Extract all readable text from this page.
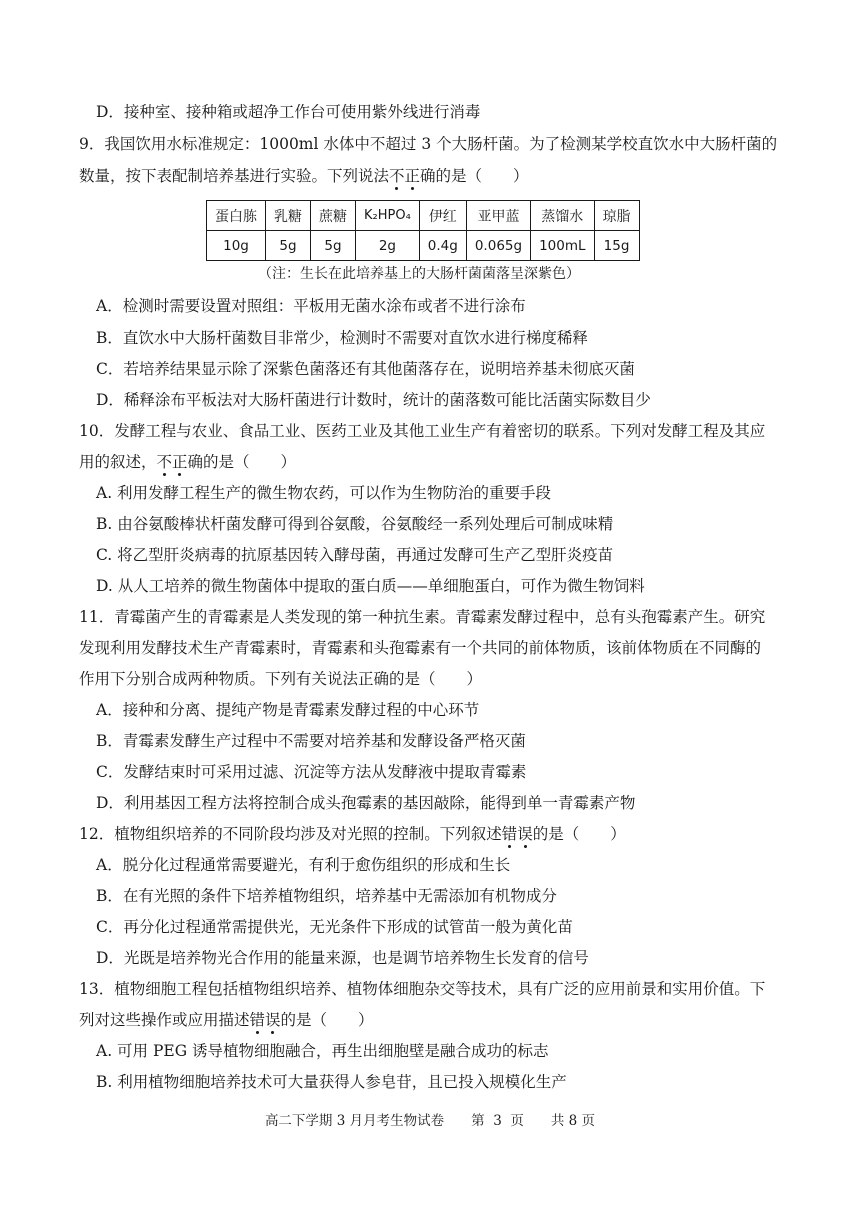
D．接种室、接种箱或超净工作台可使用紫外线进行消毒
9．我国饮用水标准规定：1000ml 水体中不超过 3 个大肠杆菌。为了检测某学校直饮水中大肠杆菌的
数量，按下表配制培养基进行实验。下列说法不正确的是（　　）
蛋白胨	乳糖	蔗糖	K₂HPO₄	伊红	亚甲蓝	蒸馏水	琼脂
10g	5g	5g	2g	0.4g	0.065g	100mL	15g
（注：生长在此培养基上的大肠杆菌菌落呈深紫色）
A．检测时需要设置对照组：平板用无菌水涂布或者不进行涂布
B．直饮水中大肠杆菌数目非常少，检测时不需要对直饮水进行梯度稀释
C．若培养结果显示除了深紫色菌落还有其他菌落存在，说明培养基未彻底灭菌
D．稀释涂布平板法对大肠杆菌进行计数时，统计的菌落数可能比活菌实际数目少
10．发酵工程与农业、食品工业、医药工业及其他工业生产有着密切的联系。下列对发酵工程及其应
用的叙述，不正确的是（　　）
A. 利用发酵工程生产的微生物农药，可以作为生物防治的重要手段
B. 由谷氨酸棒状杆菌发酵可得到谷氨酸，谷氨酸经一系列处理后可制成味精
C. 将乙型肝炎病毒的抗原基因转入酵母菌，再通过发酵可生产乙型肝炎疫苗
D. 从人工培养的微生物菌体中提取的蛋白质——单细胞蛋白，可作为微生物饲料
11．青霉菌产生的青霉素是人类发现的第一种抗生素。青霉素发酵过程中，总有头孢霉素产生。研究
发现利用发酵技术生产青霉素时，青霉素和头孢霉素有一个共同的前体物质，该前体物质在不同酶的
作用下分别合成两种物质。下列有关说法正确的是（　　）
A．接种和分离、提纯产物是青霉素发酵过程的中心环节
B．青霉素发酵生产过程中不需要对培养基和发酵设备严格灭菌
C．发酵结束时可采用过滤、沉淀等方法从发酵液中提取青霉素
D．利用基因工程方法将控制合成头孢霉素的基因敲除，能得到单一青霉素产物
12．植物组织培养的不同阶段均涉及对光照的控制。下列叙述错误的是（　　）
A．脱分化过程通常需要避光，有利于愈伤组织的形成和生长
B．在有光照的条件下培养植物组织，培养基中无需添加有机物成分
C．再分化过程通常需提供光，无光条件下形成的试管苗一般为黄化苗
D．光既是培养物光合作用的能量来源，也是调节培养物生长发育的信号
13．植物细胞工程包括植物组织培养、植物体细胞杂交等技术，具有广泛的应用前景和实用价值。下
列对这些操作或应用描述错误的是（　　）
A. 可用 PEG 诱导植物细胞融合，再生出细胞壁是融合成功的标志
B. 利用植物细胞培养技术可大量获得人参皂苷，且已投入规模化生产
高二下学期 3 月月考生物试卷　　第  3  页　　共 8 页
